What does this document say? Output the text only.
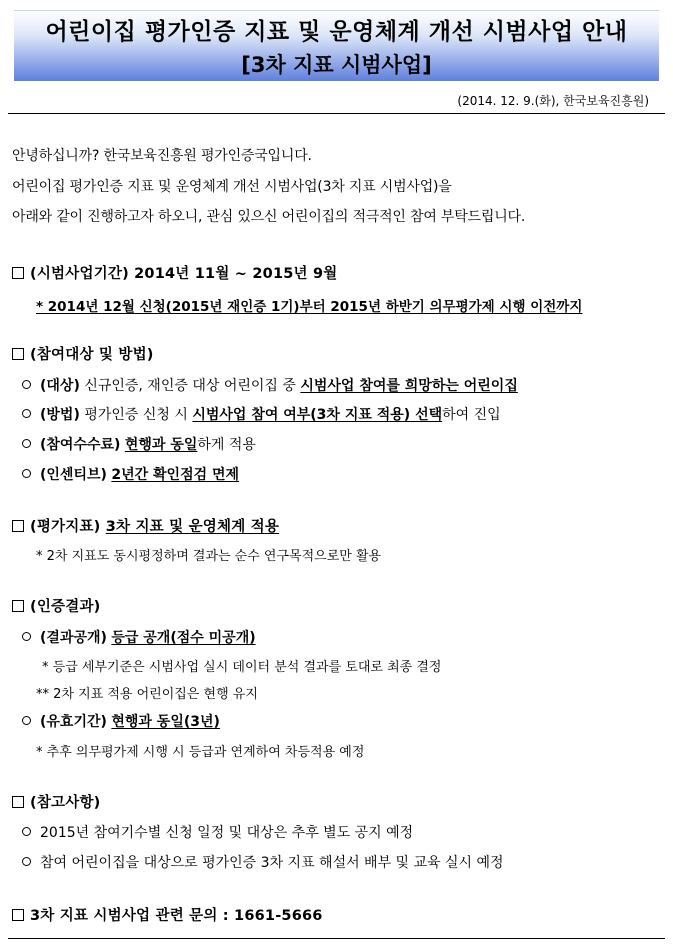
어린이집 평가인증 지표 및 운영체계 개선 시범사업 안내
[3차 지표 시범사업]
(2014. 12. 9.(화), 한국보육진흥원)
안녕하십니까? 한국보육진흥원 평가인증국입니다.
어린이집 평가인증 지표 및 운영체계 개선 시범사업(3차 지표 시범사업)을
아래와 같이 진행하고자 하오니, 관심 있으신 어린이집의 적극적인 참여 부탁드립니다.
(시범사업기간) 2014년 11월 ~ 2015년 9월
* 2014년 12월 신청(2015년 재인증 1기)부터 2015년 하반기 의무평가제 시행 이전까지
(참여대상 및 방법)
(대상) 신규인증, 재인증 대상 어린이집 중 시범사업 참여를 희망하는 어린이집
(방법) 평가인증 신청 시 시범사업 참여 여부(3차 지표 적용) 선택하여 진입
(참여수수료) 현행과 동일하게 적용
(인센티브) 2년간 확인점검 면제
(평가지표) 3차 지표 및 운영체계 적용
* 2차 지표도 동시평정하며 결과는 순수 연구목적으로만 활용
(인증결과)
(결과공개) 등급 공개(점수 미공개)
* 등급 세부기준은 시범사업 실시 데이터 분석 결과를 토대로 최종 결정
** 2차 지표 적용 어린이집은 현행 유지
(유효기간) 현행과 동일(3년)
* 추후 의무평가제 시행 시 등급과 연계하여 차등적용 예정
(참고사항)
2015년 참여기수별 신청 일정 및 대상은 추후 별도 공지 예정
참여 어린이집을 대상으로 평가인증 3차 지표 해설서 배부 및 교육 실시 예정
3차 지표 시범사업 관련 문의 : 1661-5666
